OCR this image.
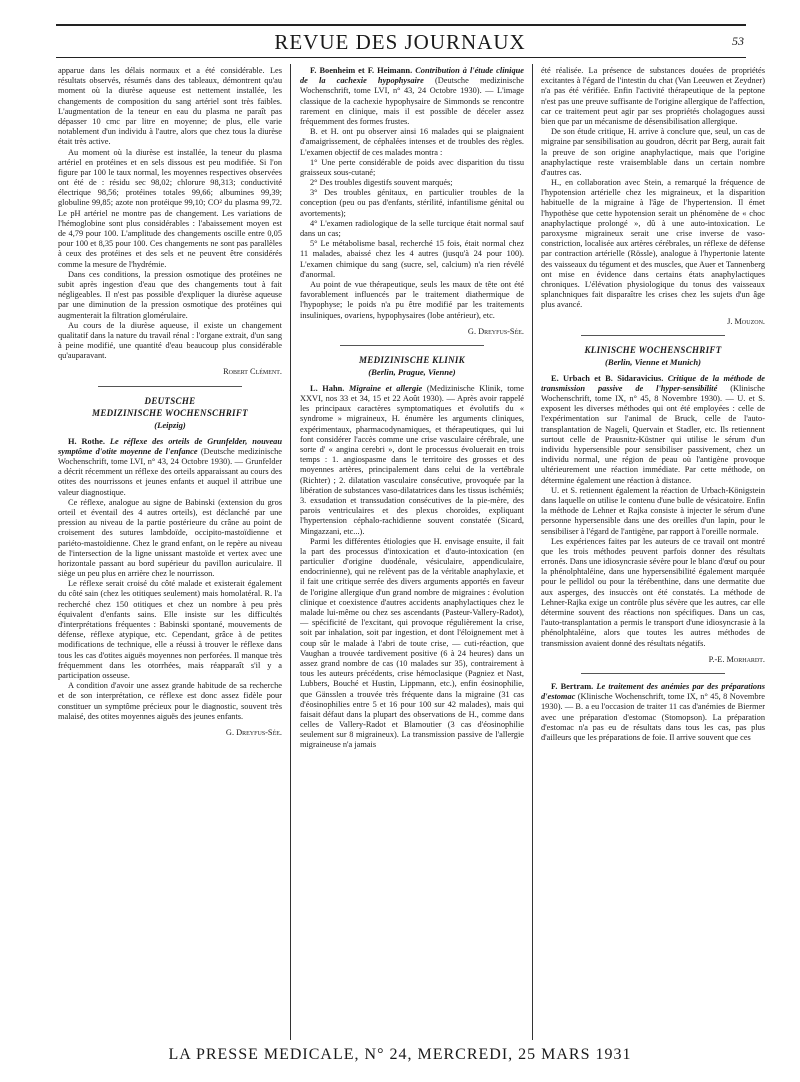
REVUE DES JOURNAUX	53

apparue dans les délais normaux et a été considérable. Les résultats observés, résumés dans des tableaux, démontrent qu'au moment où la diurèse aqueuse est nettement installée, les changements de composition du sang artériel sont très faibles. L'augmentation de la teneur en eau du plasma ne paraît pas dépasser 10 cmc par litre en moyenne; de plus, elle varie notablement d'un individu à l'autre, alors que chez tous la diurèse était très active.

Au moment où la diurèse est installée, la teneur du plasma artériel en protéines et en sels dissous est peu modifiée. Si l'on figure par 100 le taux normal, les moyennes respectives observées ont été de : résidu sec 98,02; chlorure 98,313; conductivité électrique 98,56; protéines totales 99,66; albumines 99,39; globuline 99,85; azote non protéique 99,10; CO² du plasma 99,72. Le pH artériel ne montre pas de changement. Les variations de l'hémoglobine sont plus considérables : l'abaissement moyen est de 4,79 pour 100. L'amplitude des changements oscille entre 0,05 pour 100 et 8,35 pour 100. Ces changements ne sont pas parallèles à ceux des protéines et des sels et ne peuvent être considérés comme la mesure de l'hydrémie.

Dans ces conditions, la pression osmotique des protéines ne subit après ingestion d'eau que des changements tout à fait négligeables. Il n'est pas possible d'expliquer la diurèse aqueuse par une diminution de la pression osmotique des protéines qui augmenterait la filtration glomérulaire.

Au cours de la diurèse aqueuse, il existe un changement qualitatif dans la nature du travail rénal : l'organe extrait, d'un sang à peine modifié, une quantité d'eau beaucoup plus considérable qu'auparavant.

Robert Clément.

DEUTSCHE
MEDIZINISCHE WOCHENSCHRIFT
(Leipzig)

H. Rothe. Le réflexe des orteils de Grunfelder, nouveau symptôme d'otite moyenne de l'enfance (Deutsche medizinische Wochenschrift, tome LVI, n° 43, 24 Octobre 1930). — Grunfelder a décrit récemment un réflexe des orteils apparaissant au cours des otites des nourrissons et jeunes enfants et auquel il attribue une valeur diagnostique.

Ce réflexe, analogue au signe de Babinski (extension du gros orteil et éventail des 4 autres orteils), est déclanché par une pression au niveau de la partie postérieure du crâne au point de croisement des sutures lambdoïde, occipito-mastoïdienne et pariéto-mastoïdienne. Chez le grand enfant, on le repère au niveau de l'intersection de la ligne unissant mastoïde et vertex avec une horizontale passant au bord supérieur du pavillon auriculaire. Il siège un peu plus en arrière chez le nourrisson.

Le réflexe serait croisé du côté malade et existerait également du côté sain (chez les otitiques seulement) mais homolatéral. R. l'a recherché chez 150 otitiques et chez un nombre à peu près équivalent d'enfants sains. Elle insiste sur les difficultés d'interprétations fréquentes : Babinski spontané, mouvements de défense, réflexe atypique, etc. Cependant, grâce à de petites modifications de technique, elle a réussi à trouver le réflexe dans tous les cas d'otites aiguës moyennes non perforées. Il manque très fréquemment dans les otorrhées, mais réapparaît s'il y a participation osseuse.

A condition d'avoir une assez grande habitude de sa recherche et de son interprétation, ce réflexe est donc assez fidèle pour constituer un symptôme précieux pour le diagnostic, souvent très malaisé, des otites moyennes aiguës des jeunes enfants.

G. Dreyfus-Sée.

F. Boenheim et F. Heimann. Contribution à l'étude clinique de la cachexie hypophysaire (Deutsche medizinische Wochenschrift, tome LVI, n° 43, 24 Octobre 1930). — L'image classique de la cachexie hypophysaire de Simmonds se rencontre rarement en clinique, mais il est possible de déceler assez fréquemment des formes frustes.

B. et H. ont pu observer ainsi 16 malades qui se plaignaient d'amaigrissement, de céphalées intenses et de troubles des règles. L'examen objectif de ces malades montra :

1° Une perte considérable de poids avec disparition du tissu graisseux sous-cutané;

2° Des troubles digestifs souvent marqués;

3° Des troubles génitaux, en particulier troubles de la conception (peu ou pas d'enfants, stérilité, infantilisme génital ou avortements);

4° L'examen radiologique de la selle turcique était normal sauf dans un cas;

5° Le métabolisme basal, recherché 15 fois, était normal chez 11 malades, abaissé chez les 4 autres (jusqu'à 24 pour 100). L'examen chimique du sang (sucre, sel, calcium) n'a rien révélé d'anormal.

Au point de vue thérapeutique, seuls les maux de tête ont été favorablement influencés par le traitement diathermique de l'hypophyse; le poids n'a pu être modifié par les traitements insuliniques, ovariens, hypophysaires (lobe antérieur), etc.

G. Dreyfus-Sée.

MEDIZINISCHE KLINIK
(Berlin, Prague, Vienne)

L. Hahn. Migraine et allergie (Medizinische Klinik, tome XXVI, nos 33 et 34, 15 et 22 Août 1930). — Après avoir rappelé les principaux caractères symptomatiques et évolutifs du « syndrome » migraineux, H. énumère les arguments cliniques, expérimentaux, pharmacodynamiques, et thérapeutiques, qui lui font considérer l'accès comme une crise vasculaire cérébrale, une sorte d' « angina cerebri », dont le processus évoluerait en trois temps : 1. angiospasme dans le territoire des grosses et des moyennes artères, principalement dans celui de la vertébrale (Richter) ; 2. dilatation vasculaire consécutive, provoquée par la libération de substances vaso-dilatatrices dans les tissus ischémiés; 3. exsudation et transsudation consécutives de la pie-mère, des parois ventriculaires et des plexus choroïdes, expliquant l'hypertension céphalo-rachidienne souvent constatée (Sicard, Mingazzani, etc...).

Parmi les différentes étiologies que H. envisage ensuite, il fait la part des processus d'intoxication et d'auto-intoxication (en particulier d'origine duodénale, vésiculaire, appendiculaire, endocrinienne), qui ne relèvent pas de la véritable anaphylaxie, et il fait une critique serrée des divers arguments apportés en faveur de l'origine allergique d'un grand nombre de migraines : évolution clinique et coexistence d'autres accidents anaphylactiques chez le malade lui-même ou chez ses ascendants (Pasteur-Vallery-Radot), — spécificité de l'excitant, qui provoque régulièrement la crise, soit par inhalation, soit par ingestion, et dont l'éloignement met à coup sûr le malade à l'abri de toute crise, — cuti-réaction, que Vaughan a trouvée tardivement positive (6 à 24 heures) dans un assez grand nombre de cas (10 malades sur 35), contrairement à tous les auteurs précédents, crise hémoclasique (Pagniez et Nast, Lubbers, Bouché et Hustin, Lippmann, etc.), enfin éosinophilie, que Gänsslen a trouvée très fréquente dans la migraine (31 cas d'éosinophilies entre 5 et 16 pour 100 sur 42 malades), mais qui faisait défaut dans la plupart des observations de H., comme dans celles de Vallery-Radot et Blamoutier (3 cas d'éosinophilie seulement sur 8 migraineux). La transmission passive de l'allergie migraineuse n'a jamais

été réalisée. La présence de substances douées de propriétés excitantes à l'égard de l'intestin du chat (Van Leeuwen et Zeydner) n'a pas été vérifiée. Enfin l'activité thérapeutique de la peptone n'est pas une preuve suffisante de l'origine allergique de l'affection, car ce traitement peut agir par ses propriétés cholagogues aussi bien que par un mécanisme de désensibilisation allergique.

De son étude critique, H. arrive à conclure que, seul, un cas de migraine par sensibilisation au goudron, décrit par Berg, aurait fait la preuve de son origine anaphylactique, mais que l'origine anaphylactique reste vraisemblable dans un certain nombre d'autres cas.

H., en collaboration avec Stein, a remarqué la fréquence de l'hypotension artérielle chez les migraineux, et la disparition habituelle de la migraine à l'âge de l'hypertension. Il émet l'hypothèse que cette hypotension serait un phénomène de « choc anaphylactique prolongé », dû à une auto-intoxication. Le paroxysme migraineux serait une crise inverse de vaso-constriction, localisée aux artères cérébrales, un réflexe de défense par contraction artérielle (Rössle), analogue à l'hypertonie latente des vaisseaux du tégument et des muscles, que Auer et Tannenberg ont mise en évidence dans certains états anaphylactiques chroniques. L'élévation physiologique du tonus des vaisseaux splanchniques fait disparaître les crises chez les sujets d'un âge plus avancé.

J. Mouzon.

KLINISCHE WOCHENSCHRIFT
(Berlin, Vienne et Munich)

E. Urbach et B. Sidaravicius. Critique de la méthode de transmission passive de l'hyper-sensibilité (Klinische Wochenschrift, tome IX, n° 45, 8 Novembre 1930). — U. et S. exposent les diverses méthodes qui ont été employées : celle de l'expérimentation sur l'animal de Bruck, celle de l'auto-transplantation de Nageli, Quervain et Stadler, etc. Ils retiennent surtout celle de Prausnitz-Küstner qui utilise le sérum d'un individu hypersensible pour sensibiliser passivement, chez un individu normal, une région de peau où l'antigène provoque ultérieurement une réaction immédiate. Par cette méthode, on détermine également une réaction à distance.

U. et S. retiennent également la réaction de Urbach-Königstein dans laquelle on utilise le contenu d'une bulle de vésicatoire. Enfin la méthode de Lehner et Rajka consiste à injecter le sérum d'une personne hypersensible dans une des oreilles d'un lapin, pour le sensibiliser à l'égard de l'antigène, par rapport à l'oreille normale.

Les expériences faites par les auteurs de ce travail ont montré que les trois méthodes peuvent parfois donner des résultats erronés. Dans une idiosyncrasie sévère pour le blanc d'œuf ou pour la phénolphtaléine, dans une hypersensibilité également marquée pour le pellidol ou pour la térébenthine, dans une dermatite due aux asperges, des insuccès ont été constatés. La méthode de Lehner-Rajka exige un contrôle plus sévère que les autres, car elle détermine souvent des réactions non spécifiques. Dans un cas, l'auto-transplantation a permis le transport d'une idiosyncrasie à la phénolphtaléine, alors que toutes les autres méthodes de transmission avaient donné des résultats négatifs.

P.-E. Morhardt.

F. Bertram. Le traitement des anémies par des préparations d'estomac (Klinische Wochenschrift, tome IX, n° 45, 8 Novembre 1930). — B. a eu l'occasion de traiter 11 cas d'anémies de Biermer avec une préparation d'estomac (Stomopson). La préparation d'estomac n'a pas eu de résultats dans tous les cas, pas plus d'ailleurs que les préparations de foie. Il arrive souvent que ces

LA PRESSE MEDICALE, N° 24, MERCREDI, 25 MARS 1931
